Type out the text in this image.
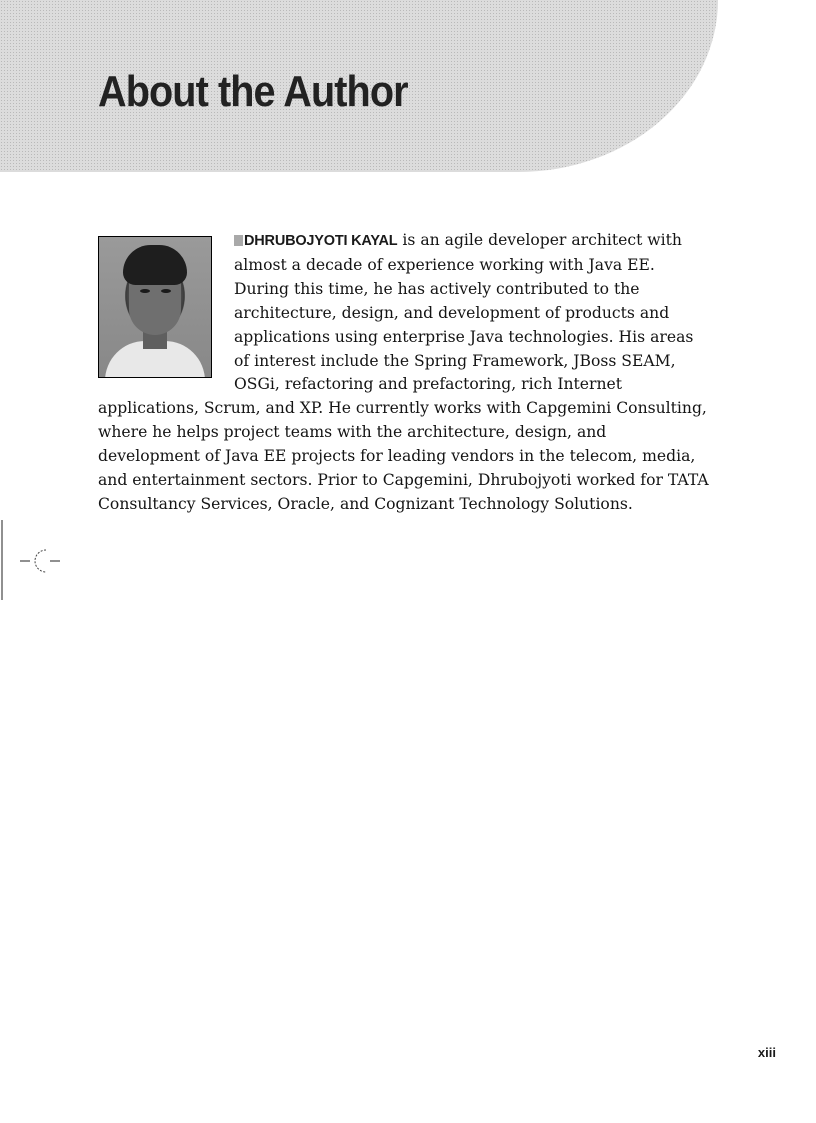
About the Author

DHRUBOJYOTI KAYAL is an agile developer architect with almost a decade of experience working with Java EE. During this time, he has actively contributed to the architecture, design, and development of products and applications using enterprise Java technologies. His areas of interest include the Spring Framework, JBoss SEAM, OSGi, refactoring and prefactoring, rich Internet applications, Scrum, and XP. He currently works with Capgemini Consulting, where he helps project teams with the architecture, design, and development of Java EE projects for leading vendors in the telecom, media, and entertainment sectors. Prior to Capgemini, Dhrubojyoti worked for TATA Consultancy Services, Oracle, and Cognizant Technology Solutions.

xiii
